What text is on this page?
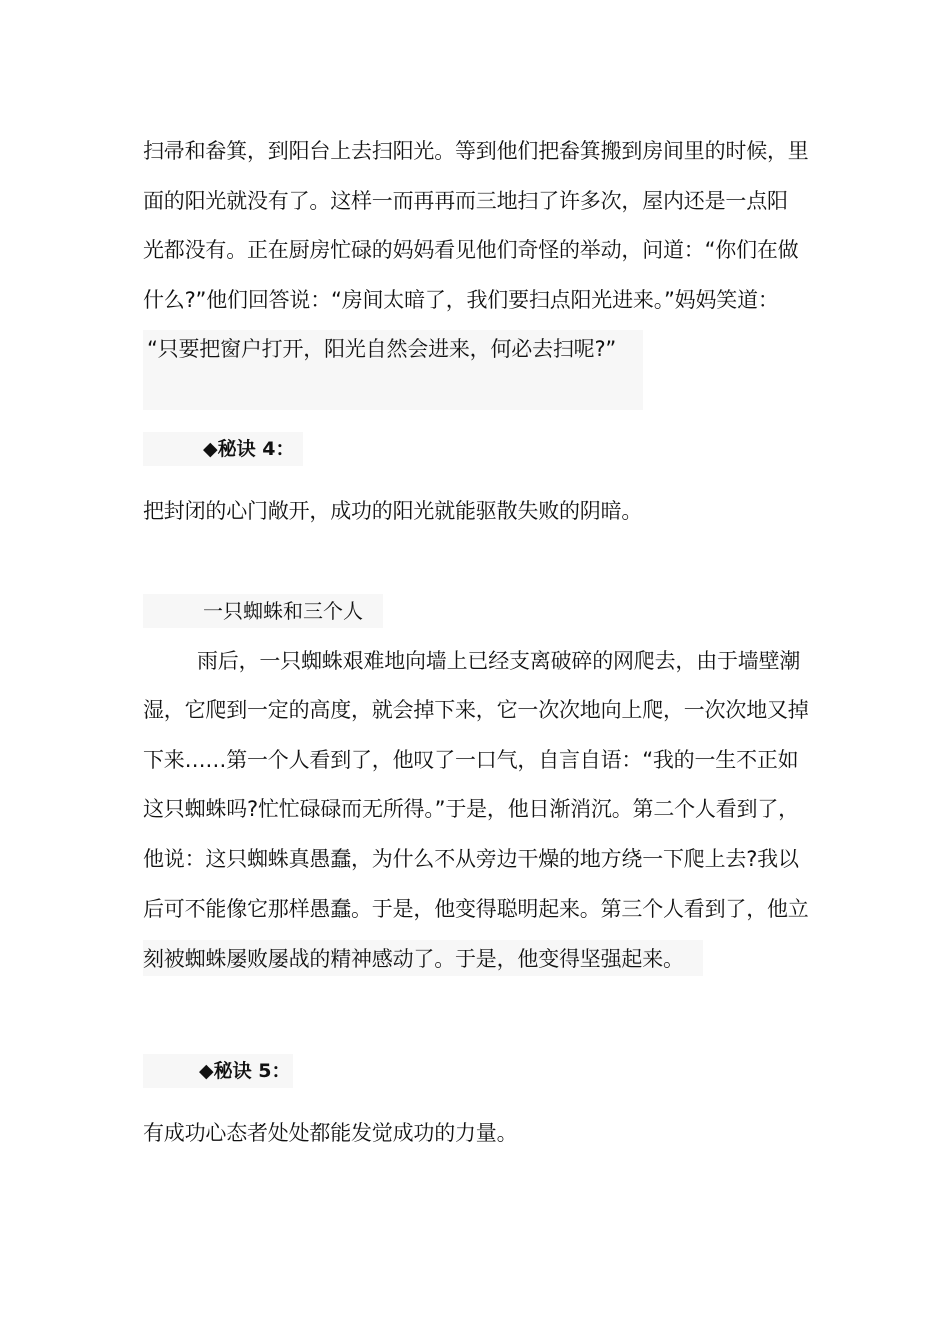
扫帚和畚箕，到阳台上去扫阳光。等到他们把畚箕搬到房间里的时候，里
面的阳光就没有了。这样一而再再而三地扫了许多次，屋内还是一点阳
光都没有。正在厨房忙碌的妈妈看见他们奇怪的举动，问道：“你们在做
什么?”他们回答说：“房间太暗了，我们要扫点阳光进来。”妈妈笑道：
“只要把窗户打开，阳光自然会进来，何必去扫呢?”
◆秘诀 4：
把封闭的心门敞开，成功的阳光就能驱散失败的阴暗。
一只蜘蛛和三个人
雨后，一只蜘蛛艰难地向墙上已经支离破碎的网爬去，由于墙壁潮
湿，它爬到一定的高度，就会掉下来，它一次次地向上爬，一次次地又掉
下来……第一个人看到了，他叹了一口气，自言自语：“我的一生不正如
这只蜘蛛吗?忙忙碌碌而无所得。”于是，他日渐消沉。第二个人看到了，
他说：这只蜘蛛真愚蠢，为什么不从旁边干燥的地方绕一下爬上去?我以
后可不能像它那样愚蠢。于是，他变得聪明起来。第三个人看到了，他立
刻被蜘蛛屡败屡战的精神感动了。于是，他变得坚强起来。
◆秘诀 5：
有成功心态者处处都能发觉成功的力量。
